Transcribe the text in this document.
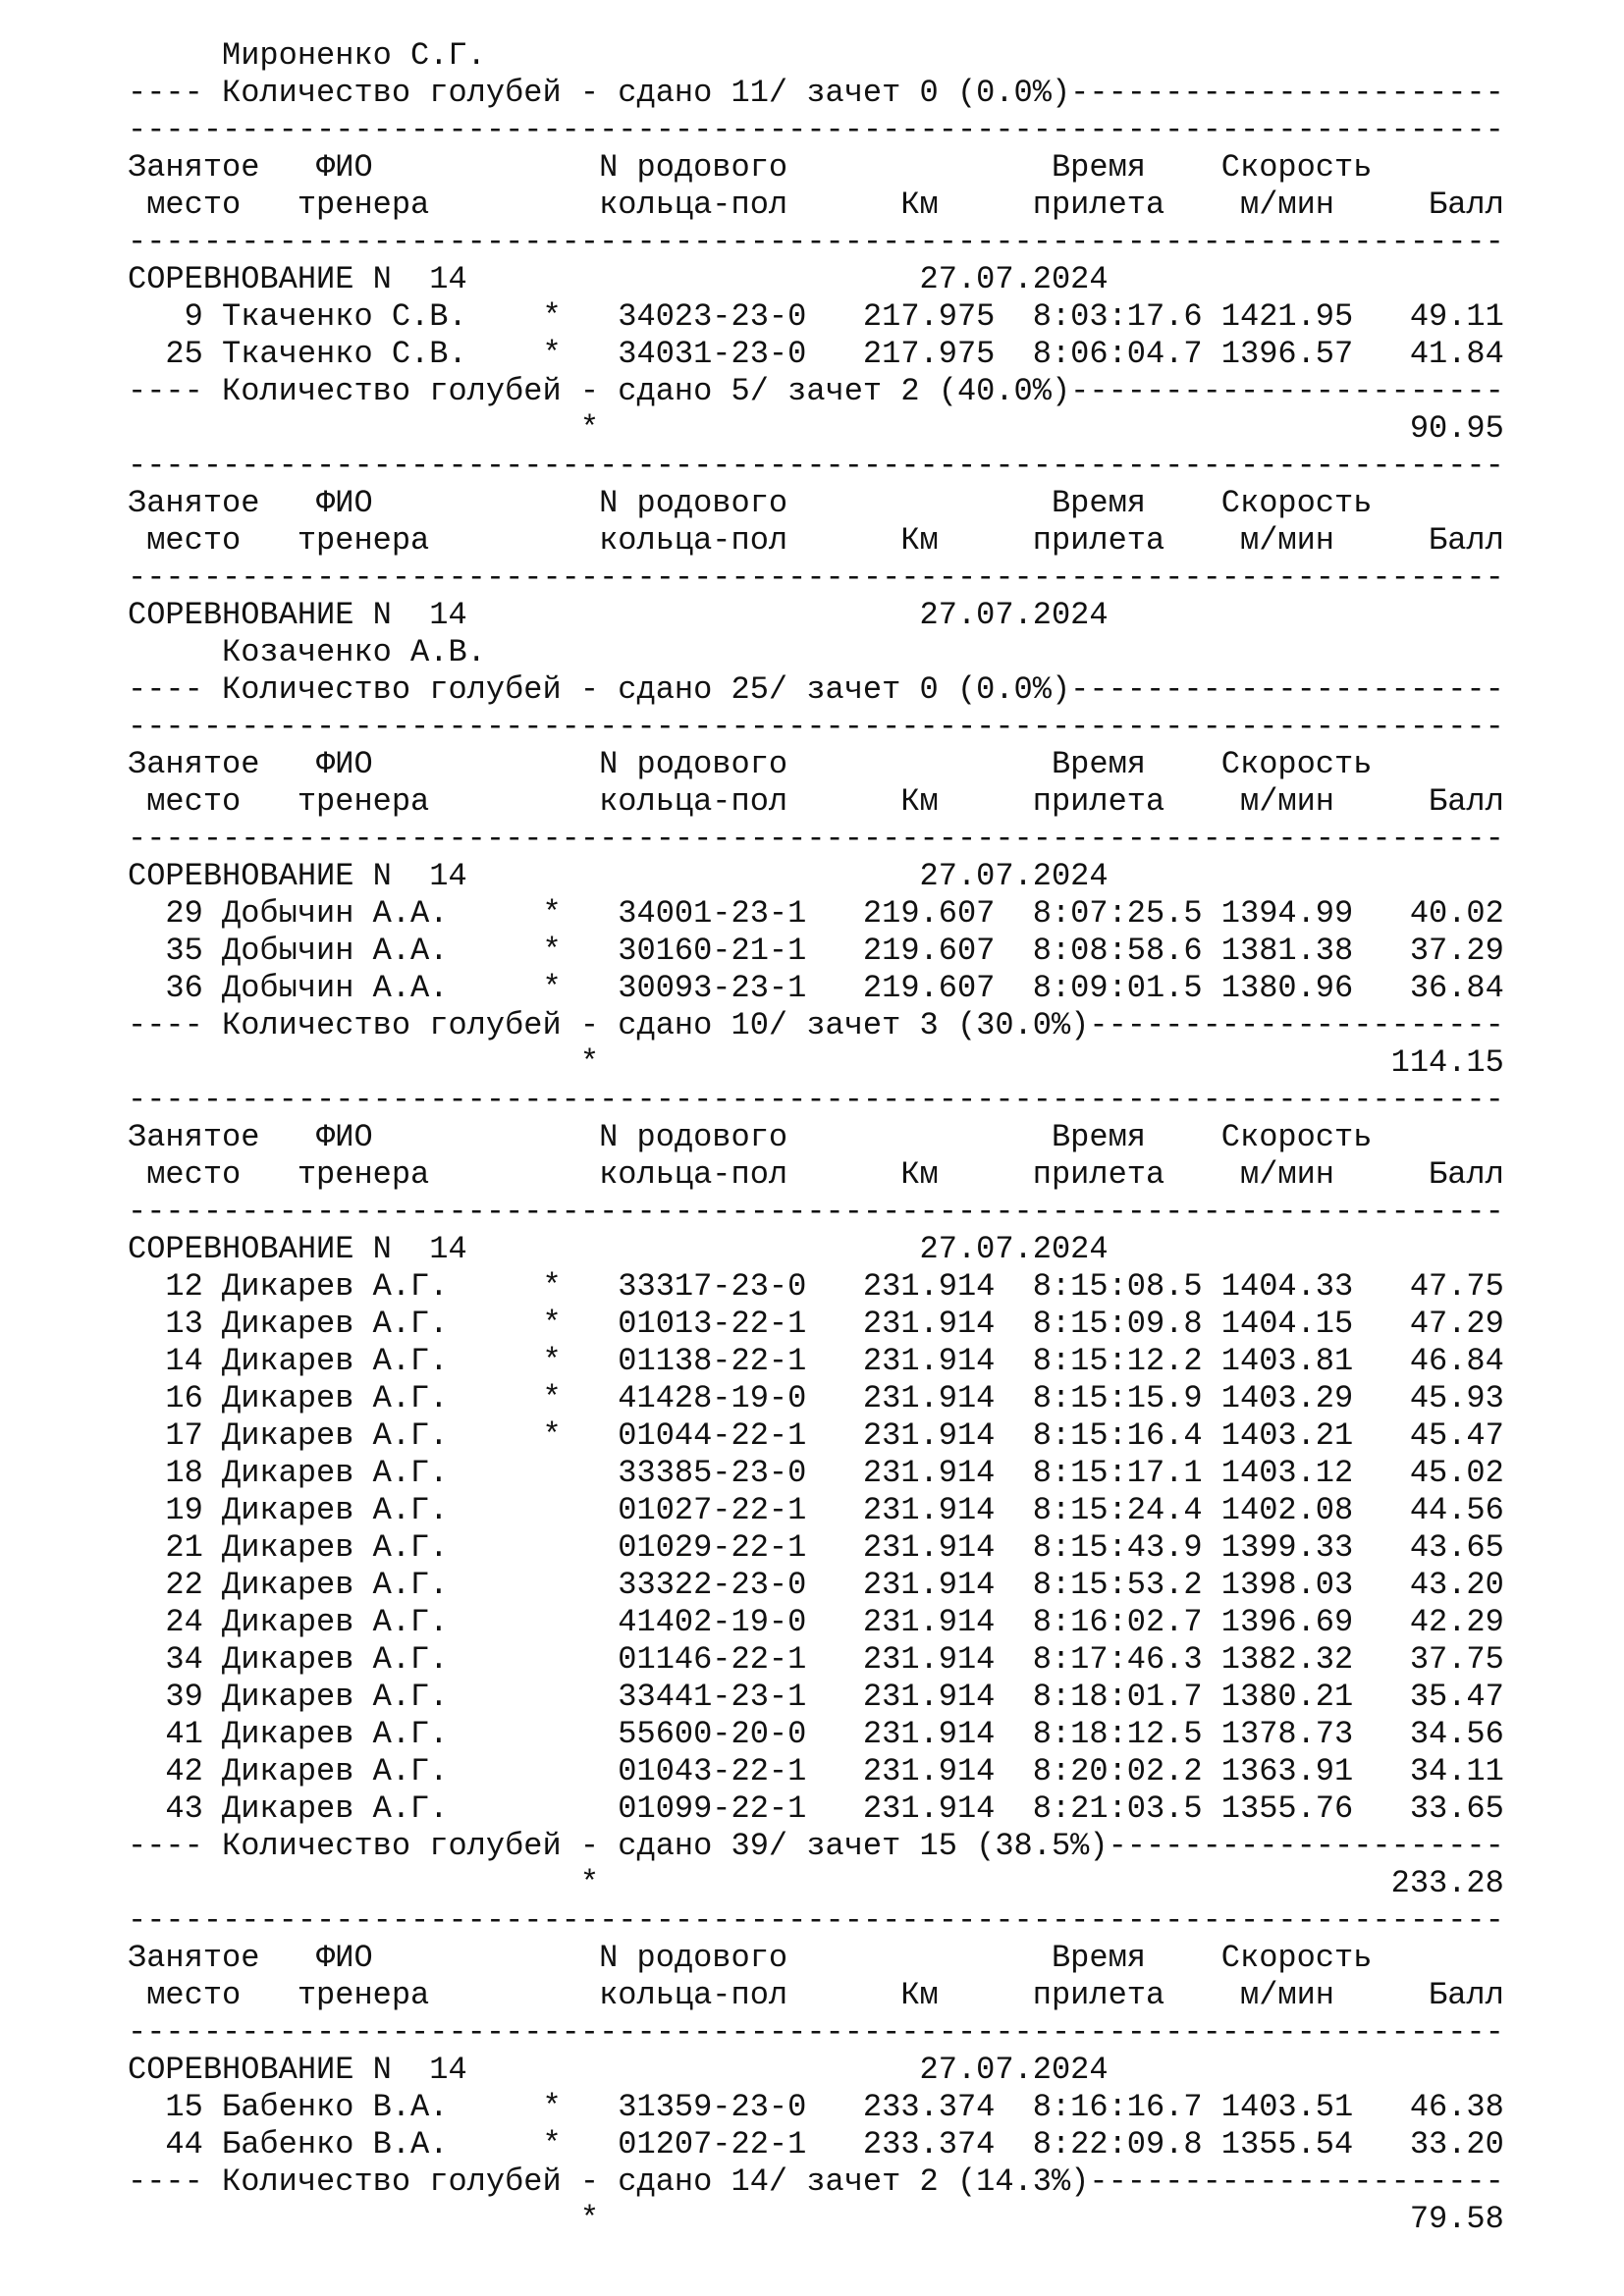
Мироненко С.Г.
---- Количество голубей - сдано 11/ зачет 0 (0.0%)-----------------------
-------------------------------------------------------------------------
Занятое   ФИО            N родового              Время    Скорость
место   тренера         кольца-пол      Км     прилета    м/мин     Балл
-------------------------------------------------------------------------
СОРЕВНОВАНИЕ N  14                        27.07.2024
9 Ткаченко С.В.    *   34023-23-0   217.975  8:03:17.6 1421.95   49.11
25 Ткаченко С.В.    *   34031-23-0   217.975  8:06:04.7 1396.57   41.84
---- Количество голубей - сдано 5/ зачет 2 (40.0%)-----------------------
*                                           90.95
-------------------------------------------------------------------------
Занятое   ФИО            N родового              Время    Скорость
место   тренера         кольца-пол      Км     прилета    м/мин     Балл
-------------------------------------------------------------------------
СОРЕВНОВАНИЕ N  14                        27.07.2024
Козаченко А.В.
---- Количество голубей - сдано 25/ зачет 0 (0.0%)-----------------------
-------------------------------------------------------------------------
Занятое   ФИО            N родового              Время    Скорость
место   тренера         кольца-пол      Км     прилета    м/мин     Балл
-------------------------------------------------------------------------
СОРЕВНОВАНИЕ N  14                        27.07.2024
29 Добычин А.А.     *   34001-23-1   219.607  8:07:25.5 1394.99   40.02
35 Добычин А.А.     *   30160-21-1   219.607  8:08:58.6 1381.38   37.29
36 Добычин А.А.     *   30093-23-1   219.607  8:09:01.5 1380.96   36.84
---- Количество голубей - сдано 10/ зачет 3 (30.0%)----------------------
*                                          114.15
-------------------------------------------------------------------------
Занятое   ФИО            N родового              Время    Скорость
место   тренера         кольца-пол      Км     прилета    м/мин     Балл
-------------------------------------------------------------------------
СОРЕВНОВАНИЕ N  14                        27.07.2024
12 Дикарев А.Г.     *   33317-23-0   231.914  8:15:08.5 1404.33   47.75
13 Дикарев А.Г.     *   01013-22-1   231.914  8:15:09.8 1404.15   47.29
14 Дикарев А.Г.     *   01138-22-1   231.914  8:15:12.2 1403.81   46.84
16 Дикарев А.Г.     *   41428-19-0   231.914  8:15:15.9 1403.29   45.93
17 Дикарев А.Г.     *   01044-22-1   231.914  8:15:16.4 1403.21   45.47
18 Дикарев А.Г.         33385-23-0   231.914  8:15:17.1 1403.12   45.02
19 Дикарев А.Г.         01027-22-1   231.914  8:15:24.4 1402.08   44.56
21 Дикарев А.Г.         01029-22-1   231.914  8:15:43.9 1399.33   43.65
22 Дикарев А.Г.         33322-23-0   231.914  8:15:53.2 1398.03   43.20
24 Дикарев А.Г.         41402-19-0   231.914  8:16:02.7 1396.69   42.29
34 Дикарев А.Г.         01146-22-1   231.914  8:17:46.3 1382.32   37.75
39 Дикарев А.Г.         33441-23-1   231.914  8:18:01.7 1380.21   35.47
41 Дикарев А.Г.         55600-20-0   231.914  8:18:12.5 1378.73   34.56
42 Дикарев А.Г.         01043-22-1   231.914  8:20:02.2 1363.91   34.11
43 Дикарев А.Г.         01099-22-1   231.914  8:21:03.5 1355.76   33.65
---- Количество голубей - сдано 39/ зачет 15 (38.5%)---------------------
*                                          233.28
-------------------------------------------------------------------------
Занятое   ФИО            N родового              Время    Скорость
место   тренера         кольца-пол      Км     прилета    м/мин     Балл
-------------------------------------------------------------------------
СОРЕВНОВАНИЕ N  14                        27.07.2024
15 Бабенко В.А.     *   31359-23-0   233.374  8:16:16.7 1403.51   46.38
44 Бабенко В.А.     *   01207-22-1   233.374  8:22:09.8 1355.54   33.20
---- Количество голубей - сдано 14/ зачет 2 (14.3%)----------------------
*                                           79.58
